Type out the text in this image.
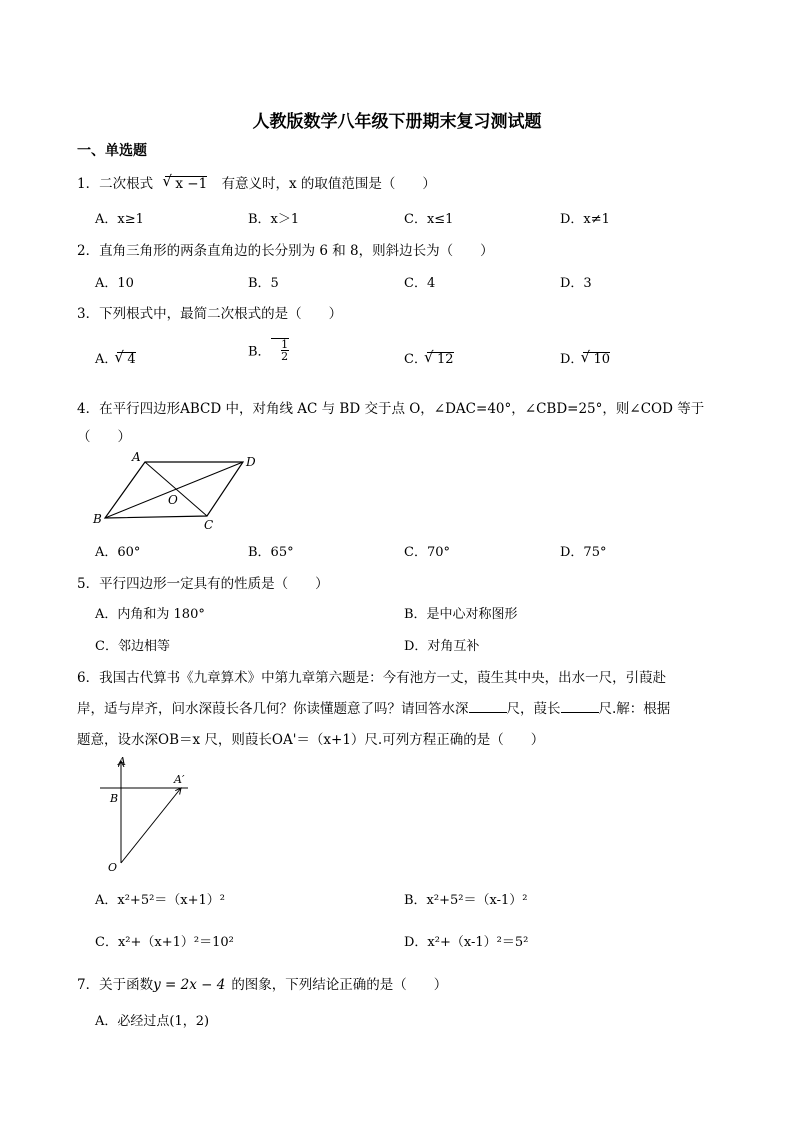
人教版数学八年级下册期末复习测试题
一、单选题
1．二次根式 √ x −1 有意义时，x 的取值范围是（　　）
A．x≥1	B．x＞1	C．x≤1	D．x≠1
2．直角三角形的两条直角边的长分别为 6 和 8，则斜边长为（　　）
A．10	B．5	C．4	D．3
3．下列根式中，最简二次根式的是（　　）
A． √ 4	B． $\frac{1}{2}$	C． √ 12	D． √ 10
4．在平行四边形ABCD 中，对角线 AC 与 BD 交于点 O，∠DAC=40°，∠CBD=25°，则∠COD 等于
（　　）
A	D
O
B	C
A．60°	B．65°	C．70°	D．75°
5．平行四边形一定具有的性质是（　　）
A．内角和为 180°	B．是中心对称图形
C．邻边相等	D．对角互补
6．我国古代算书《九章算术》中第九章第六题是：今有池方一丈，葭生其中央，出水一尺，引葭赴
岸，适与岸齐，问水深葭长各几何？你读懂题意了吗？请回答水深	尺，葭长	尺.解：根据
题意，设水深OB＝x 尺，则葭长OA'＝（x+1）尺.可列方程正确的是（　　）
A
A′
B
O
A．x²+5²＝（x+1）²	B．x²+5²＝（x-1）²
C．x²+（x+1）²＝10²	D．x²+（x-1）²＝5²
7．关于函数y = 2x − 4 的图象，下列结论正确的是（　　）
A．必经过点(1，2)
